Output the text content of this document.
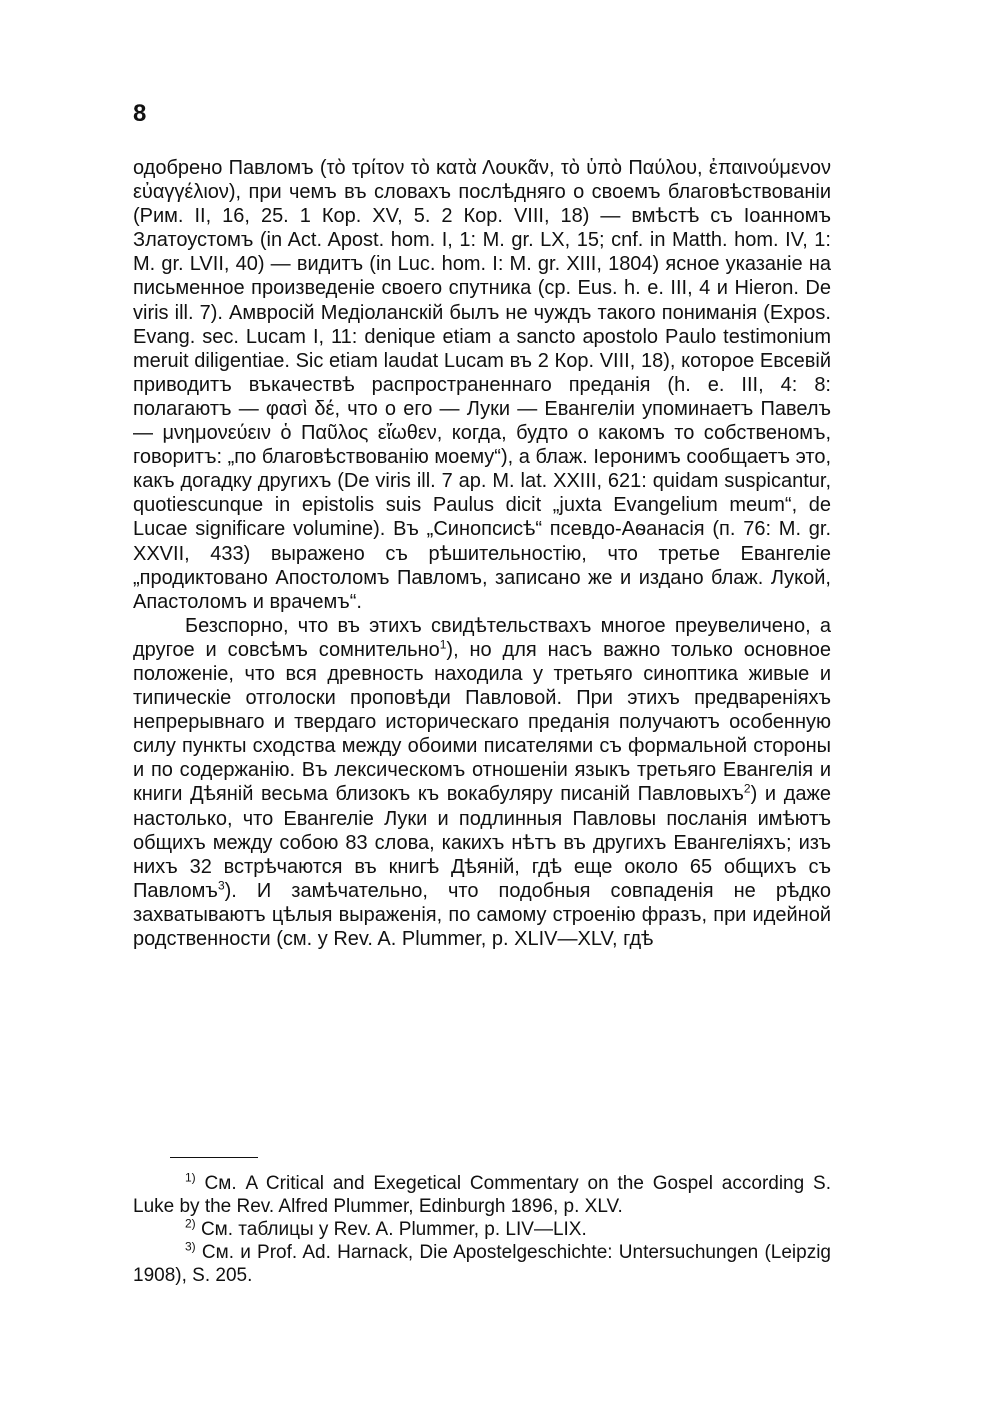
8

одобрено Павломъ (τὸ τρίτον τὸ κατὰ Λουκᾶν, τὸ ὑπὸ Παύλου, ἐπαινούμενον εὐαγγέλιον), при чемъ въ словахъ послѣдняго о своемъ благовѣствованіи (Рим. II, 16, 25. 1 Кор. XV, 5. 2 Кор. VIII, 18) — вмѣстѣ съ Іоанномъ Златоустомъ (in Act. Apost. hom. I, 1: M. gr. LX, 15; cnf. in Matth. hom. IV, 1: M. gr. LVII, 40) — видитъ (in Luc. hom. I: M. gr. XIII, 1804) ясное указаніе на письменное произведеніе своего спутника (cp. Eus. h. e. III, 4 и Hieron. De viris ill. 7). Амвросій Медіоланскій былъ не чуждъ такого пониманія (Expos. Evang. sec. Lucam I, 11: denique etiam a sancto apostolo Paulo testimonium meruit diligentiae. Sic etiam laudat Lucam въ 2 Кор. VIII, 18), которое Евсевій приводитъ въкачествѣ распространеннаго преданія (h. e. III, 4: 8: полагаютъ — φασὶ δέ, что о его — Луки — Евангеліи упоминаетъ Павелъ — μνημονεύειν ὁ Παῦλος εἴωθεν, когда, будто о какомъ то собственомъ, говоритъ: „по благовѣствованію моему“), а блаж. Іеронимъ сообщаетъ это, какъ догадку другихъ (De viris ill. 7 ap. M. lat. XXIII, 621: quidam suspicantur, quotiescunque in epistolis suis Paulus dicit „juxta Evangelium meum“, de Lucae significare volumine). Въ „Синопсисѣ“ псевдо-Аѳанасія (п. 76: M. gr. XXVII, 433) выражено съ рѣшительностію, что третье Евангеліе „продиктовано Апостоломъ Павломъ, записано же и издано блаж. Лукой, Апастоломъ и врачемъ“.

Безспорно, что въ этихъ свидѣтельствахъ многое преувеличено, а другое и совсѣмъ сомнительно$^1$), но для насъ важно только основное положеніе, что вся древность находила у третьяго синоптика живые и типическіе отголоски проповѣди Павловой. При этихъ предвареніяхъ непрерывнаго и твердаго историческаго преданія получаютъ особенную силу пункты сходства между обоими писателями съ формальной стороны и по содержанію. Въ лексическомъ отношеніи языкъ третьяго Евангелія и книги Дѣяній весьма близокъ къ вокабуляру писаній Павловыхъ$^2$) и даже настолько, что Евангеліе Луки и подлинныя Павловы посланія имѣютъ общихъ между собою 83 слова, какихъ нѣтъ въ другихъ Евангеліяхъ; изъ нихъ 32 встрѣчаются въ книгѣ Дѣяній, гдѣ еще около 65 общихъ съ Павломъ$^3$). И замѣчательно, что подобныя совпаденія не рѣдко захватываютъ цѣлыя выраженія, по самому строенію фразъ, при идейной родственности (см. у Rev. A. Plummer, p. XLIV—XLV, гдѣ

$^{1)}$ См. A Critical and Exegetical Commentary on the Gospel according S. Luke by the Rev. Alfred Plummer, Edinburgh 1896, p. XLV.

$^{2)}$ См. таблицы у Rev. A. Plummer, p. LIV—LIX.

$^{3)}$ См. и Prof. Ad. Harnack, Die Apostelgeschichte: Untersuchungen (Leipzig 1908), S. 205.
